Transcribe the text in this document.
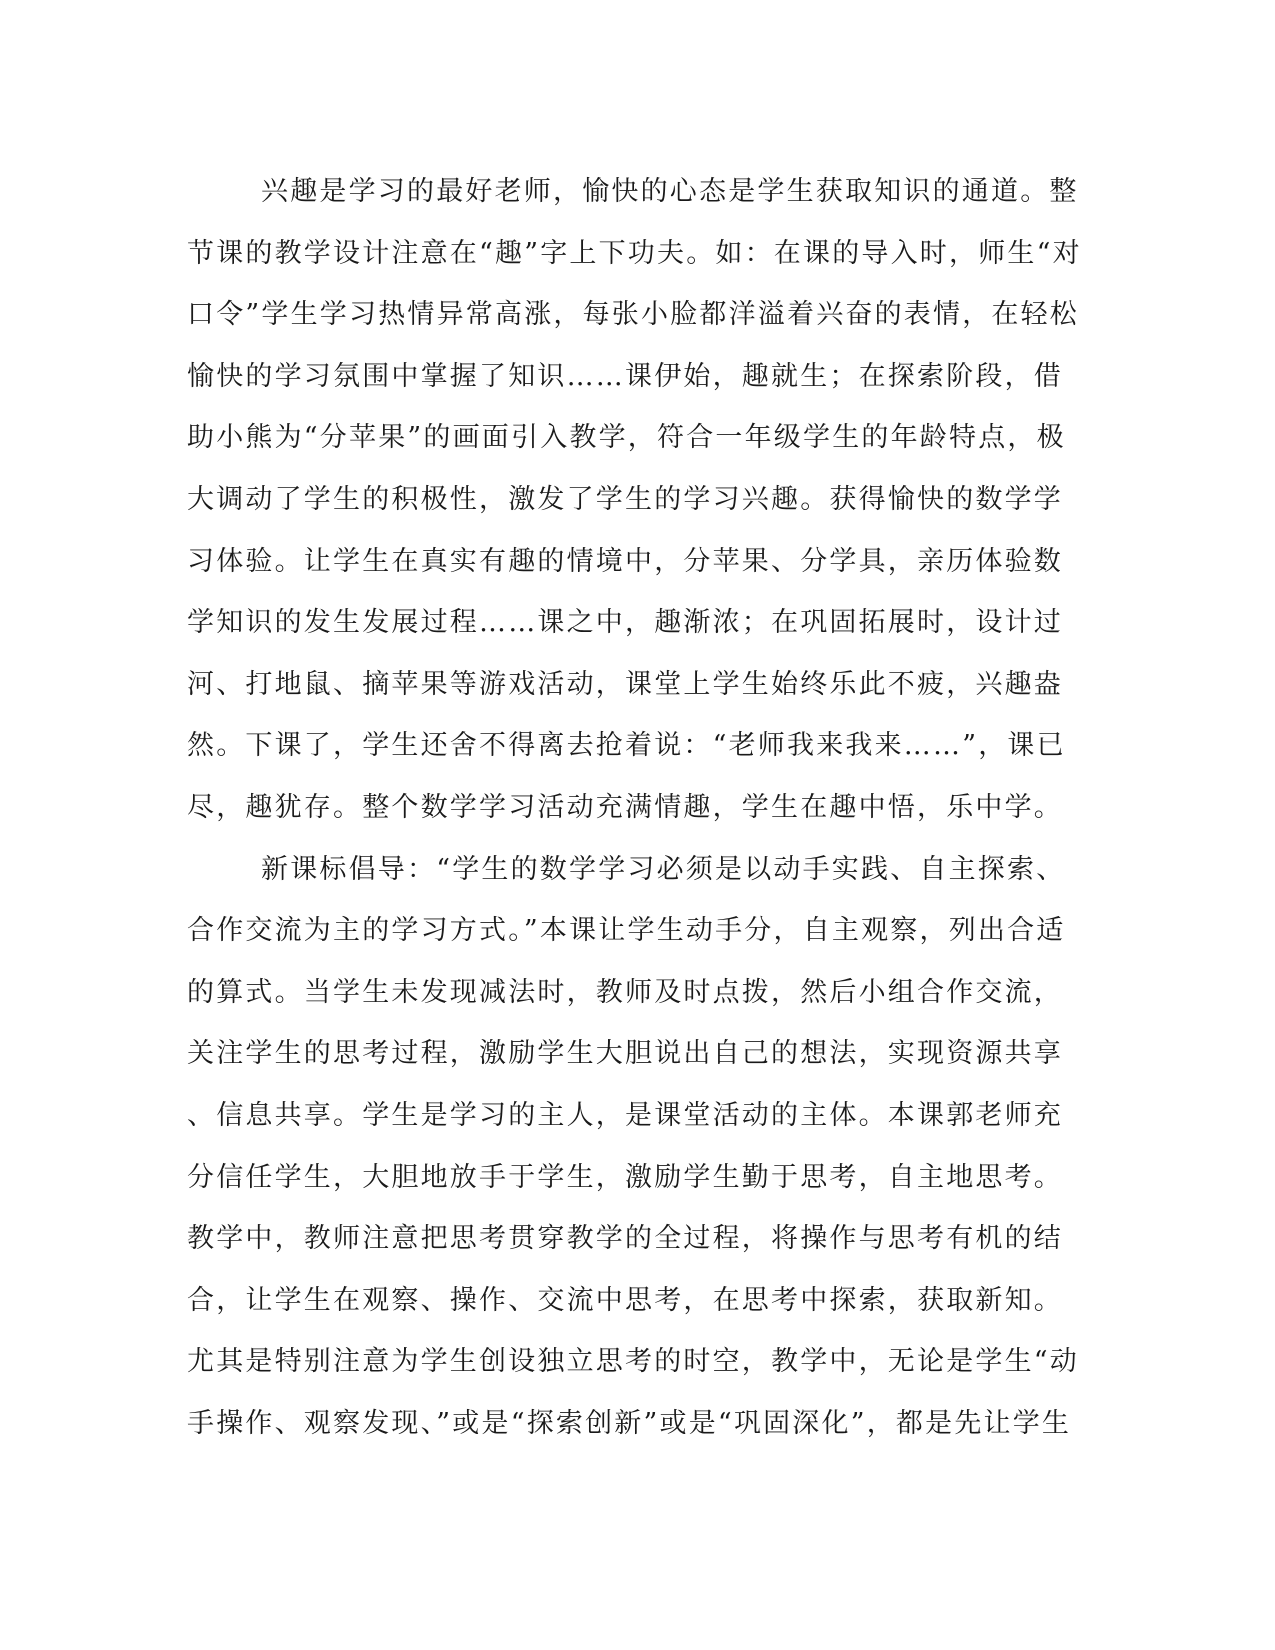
兴趣是学习的最好老师，愉快的心态是学生获取知识的通道。整
节课的教学设计注意在“趣”字上下功夫。如：在课的导入时，师生“对
口令”学生学习热情异常高涨，每张小脸都洋溢着兴奋的表情，在轻松
愉快的学习氛围中掌握了知识……课伊始，趣就生；在探索阶段，借
助小熊为“分苹果”的画面引入教学，符合一年级学生的年龄特点，极
大调动了学生的积极性，激发了学生的学习兴趣。获得愉快的数学学
习体验。让学生在真实有趣的情境中，分苹果、分学具，亲历体验数
学知识的发生发展过程……课之中，趣渐浓；在巩固拓展时，设计过
河、打地鼠、摘苹果等游戏活动，课堂上学生始终乐此不疲，兴趣盎
然。下课了，学生还舍不得离去抢着说：“老师我来我来……”，课已
尽，趣犹存。整个数学学习活动充满情趣，学生在趣中悟，乐中学。
新课标倡导：“学生的数学学习必须是以动手实践、自主探索、
合作交流为主的学习方式。”本课让学生动手分，自主观察，列出合适
的算式。当学生未发现减法时，教师及时点拨，然后小组合作交流，
关注学生的思考过程，激励学生大胆说出自己的想法，实现资源共享
、信息共享。学生是学习的主人，是课堂活动的主体。本课郭老师充
分信任学生，大胆地放手于学生，激励学生勤于思考，自主地思考。
教学中，教师注意把思考贯穿教学的全过程，将操作与思考有机的结
合，让学生在观察、操作、交流中思考，在思考中探索，获取新知。
尤其是特别注意为学生创设独立思考的时空，教学中，无论是学生“动
手操作、观察发现、”或是“探索创新”或是“巩固深化”，都是先让学生
